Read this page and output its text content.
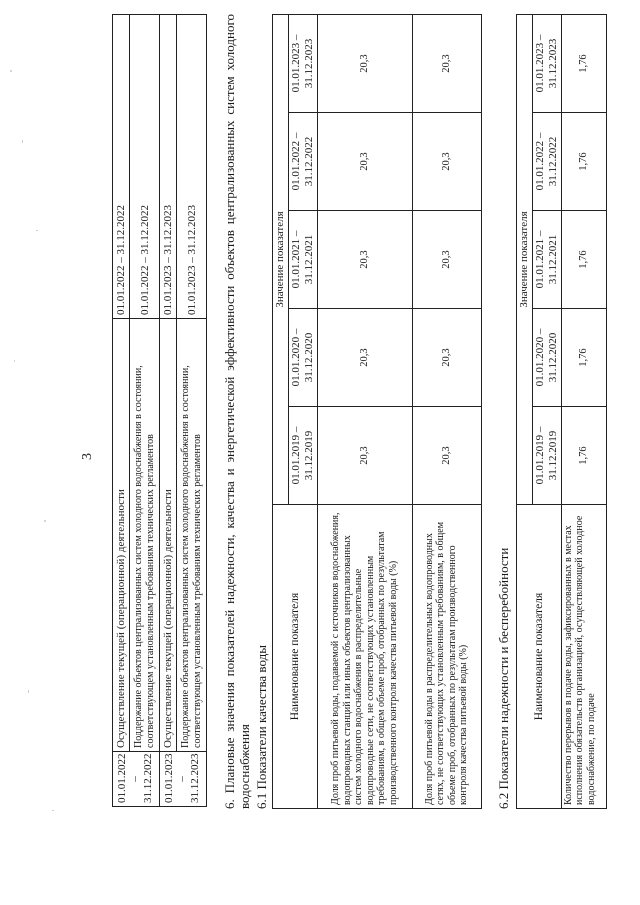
3
01.01.2022 – 31.12.2022	Осуществление текущей (операционной) деятельности	01.01.2022 – 31.12.2022
	Поддержание объектов централизованных систем холодного водоснабжения в состоянии, соответствующем установленным требованиям технических регламентов	01.01.2022 – 31.12.2022
01.01.2023 – 31.12.2023	Осуществление текущей (операционной) деятельности	01.01.2023 – 31.12.2023
	Поддержание объектов централизованных систем холодного водоснабжения в состоянии, соответствующем установленным требованиям технических регламентов	01.01.2023 – 31.12.2023 6. Плановые значения показателей надежности, качества и энергетической эффективности объектов централизованных систем холодного водоснабжения 6.1 Показатели качества воды Наименование показателя	Значение показателя				
	01.01.2019 – 31.12.2019	01.01.2020 – 31.12.2020	01.01.2021 – 31.12.2021	01.01.2022 – 31.12.2022	01.01.2023 – 31.12.2023
Доля проб питьевой воды, подаваемой с источников водоснабжения, водопроводных станций или иных объектов централизованных систем холодного водоснабжения в распределительные водопроводные сети, не соответствующих установленным требованиям, в общем объеме проб, отобранных по результатам производственного контроля качества питьевой воды (%)	20,3	20,3	20,3	20,3	20,3
Доля проб питьевой воды в распределительных водопроводных сетях, не соответствующих установленным требованиям, в общем объеме проб, отобранных по результатам производственного контроля качества питьевой воды (%)	20,3	20,3	20,3	20,3	20,3
6.2 Показатели надежности и бесперебойности Наименование показателя	Значение показателя				
	01.01.2019 – 31.12.2019	01.01.2020 – 31.12.2020	01.01.2021 – 31.12.2021	01.01.2022 – 31.12.2022	01.01.2023 – 31.12.2023
Количество перерывов в подаче воды, зафиксированных в местах исполнения обязательств организацией, осуществляющей холодное водоснабжение, по подаче	1,76	1,76	1,76	1,76	1,76
